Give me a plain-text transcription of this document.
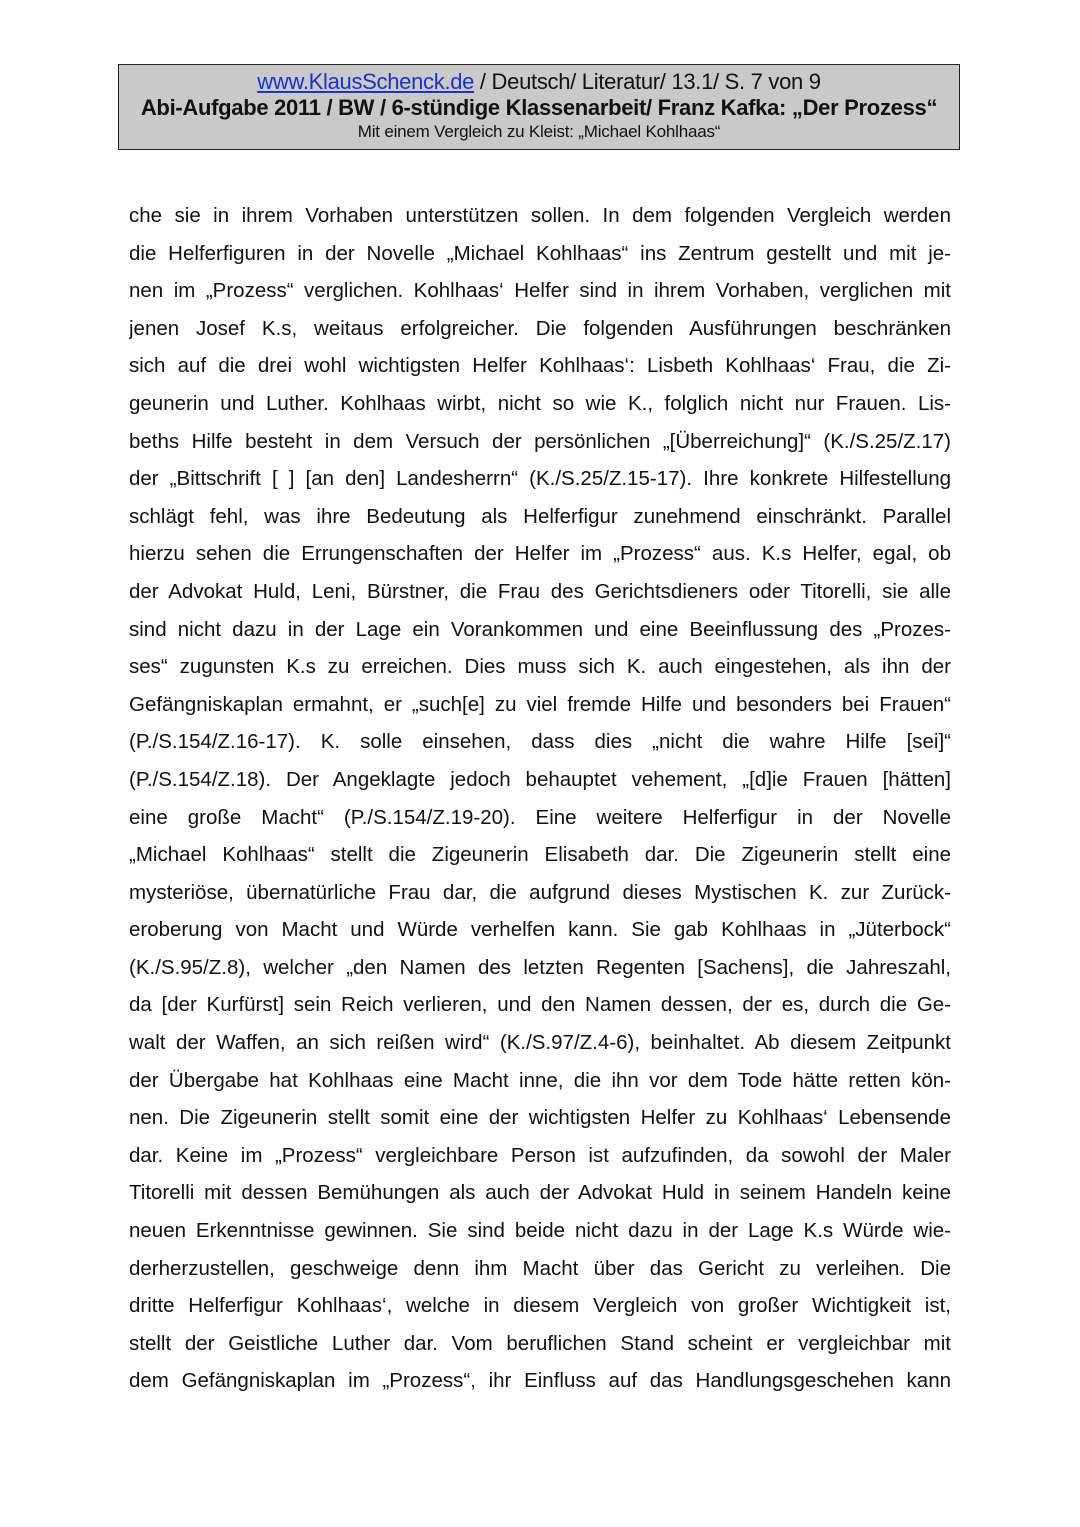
www.KlausSchenck.de / Deutsch/ Literatur/ 13.1/ S. 7 von 9
Abi-Aufgabe 2011 / BW / 6-stündige Klassenarbeit/ Franz Kafka: „Der Prozess“
Mit einem Vergleich zu Kleist: „Michael Kohlhaas“
che sie in ihrem Vorhaben unterstützen sollen. In dem folgenden Vergleich werden
die Helferfiguren in der Novelle „Michael Kohlhaas“ ins Zentrum gestellt und mit je-
nen im „Prozess“ verglichen. Kohlhaas‘ Helfer sind in ihrem Vorhaben, verglichen mit
jenen Josef K.s, weitaus erfolgreicher. Die folgenden Ausführungen beschränken
sich auf die drei wohl wichtigsten Helfer Kohlhaas‘: Lisbeth Kohlhaas‘ Frau, die Zi-
geunerin und Luther. Kohlhaas wirbt, nicht so wie K., folglich nicht nur Frauen. Lis-
beths Hilfe besteht in dem Versuch der persönlichen „[Überreichung]“ (K./S.25/Z.17)
der „Bittschrift [ ] [an den] Landesherrn“ (K./S.25/Z.15-17). Ihre konkrete Hilfestellung
schlägt fehl, was ihre Bedeutung als Helferfigur zunehmend einschränkt. Parallel
hierzu sehen die Errungenschaften der Helfer im „Prozess“ aus. K.s Helfer, egal, ob
der Advokat Huld, Leni, Bürstner, die Frau des Gerichtsdieners oder Titorelli, sie alle
sind nicht dazu in der Lage ein Vorankommen und eine Beeinflussung des „Prozes-
ses“ zugunsten K.s zu erreichen. Dies muss sich K. auch eingestehen, als ihn der
Gefängniskaplan ermahnt, er „such[e] zu viel fremde Hilfe und besonders bei Frauen“
(P./S.154/Z.16-17). K. solle einsehen, dass dies „nicht die wahre Hilfe [sei]“
(P./S.154/Z.18). Der Angeklagte jedoch behauptet vehement, „[d]ie Frauen [hätten]
eine große Macht“ (P./S.154/Z.19-20). Eine weitere Helferfigur in der Novelle
„Michael Kohlhaas“ stellt die Zigeunerin Elisabeth dar. Die Zigeunerin stellt eine
mysteriöse, übernatürliche Frau dar, die aufgrund dieses Mystischen K. zur Zurück-
eroberung von Macht und Würde verhelfen kann. Sie gab Kohlhaas in „Jüterbock“
(K./S.95/Z.8), welcher „den Namen des letzten Regenten [Sachens], die Jahreszahl,
da [der Kurfürst] sein Reich verlieren, und den Namen dessen, der es, durch die Ge-
walt der Waffen, an sich reißen wird“ (K./S.97/Z.4-6), beinhaltet. Ab diesem Zeitpunkt
der Übergabe hat Kohlhaas eine Macht inne, die ihn vor dem Tode hätte retten kön-
nen. Die Zigeunerin stellt somit eine der wichtigsten Helfer zu Kohlhaas‘ Lebensende
dar. Keine im „Prozess“ vergleichbare Person ist aufzufinden, da sowohl der Maler
Titorelli mit dessen Bemühungen als auch der Advokat Huld in seinem Handeln keine
neuen Erkenntnisse gewinnen. Sie sind beide nicht dazu in der Lage K.s Würde wie-
derherzustellen, geschweige denn ihm Macht über das Gericht zu verleihen. Die
dritte Helferfigur Kohlhaas‘, welche in diesem Vergleich von großer Wichtigkeit ist,
stellt der Geistliche Luther dar. Vom beruflichen Stand scheint er vergleichbar mit
dem Gefängniskaplan im „Prozess“, ihr Einfluss auf das Handlungsgeschehen kann
